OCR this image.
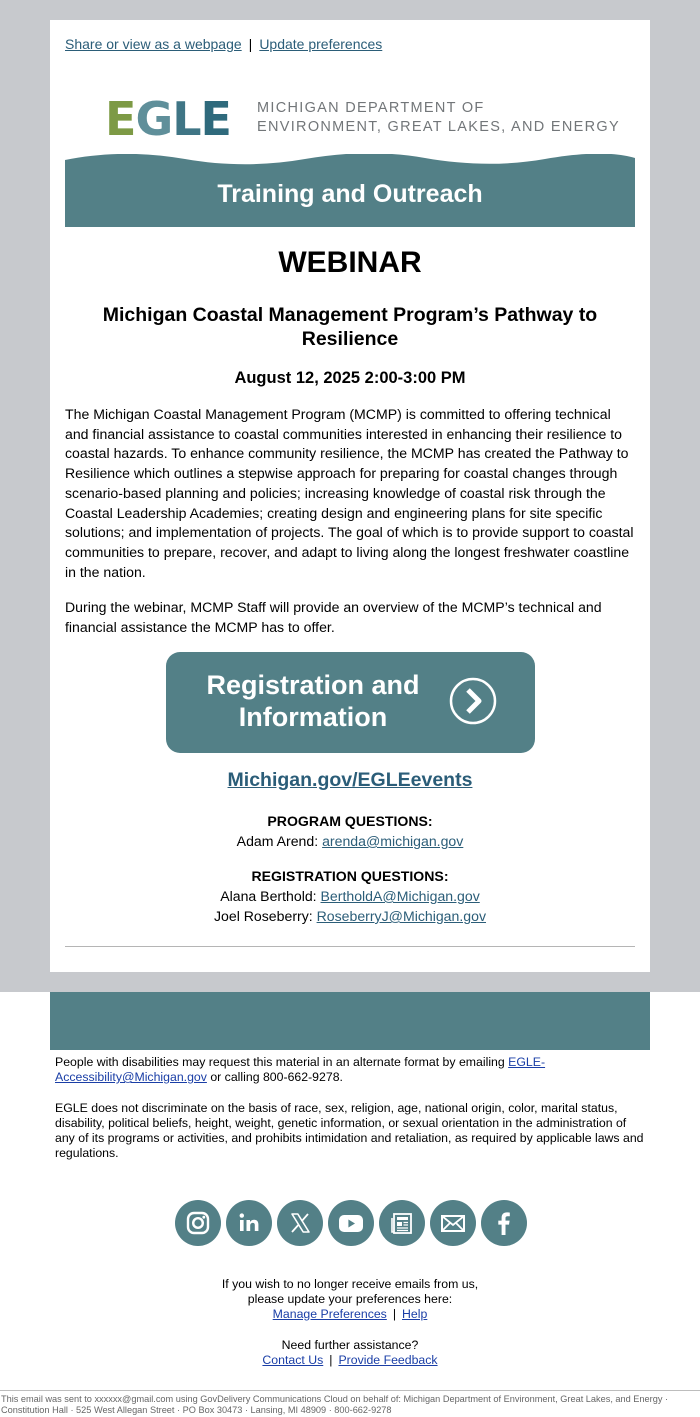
Share or view as a webpage | Update preferences
EGLE MICHIGAN DEPARTMENT OF
ENVIRONMENT, GREAT LAKES, AND ENERGY
Training and Outreach
WEBINAR
Michigan Coastal Management Program’s Pathway to Resilience
August 12, 2025 2:00-3:00 PM

The Michigan Coastal Management Program (MCMP) is committed to offering technical and financial assistance to coastal communities interested in enhancing their resilience to coastal hazards. To enhance community resilience, the MCMP has created the Pathway to Resilience which outlines a stepwise approach for preparing for coastal changes through scenario-based planning and policies; increasing knowledge of coastal risk through the Coastal Leadership Academies; creating design and engineering plans for site specific solutions; and implementation of projects. The goal of which is to provide support to coastal communities to prepare, recover, and adapt to living along the longest freshwater coastline in the nation.

During the webinar, MCMP Staff will provide an overview of the MCMP’s technical and financial assistance the MCMP has to offer.

Registration and
Information
Michigan.gov/EGLEevents
PROGRAM QUESTIONS:
Adam Arend: arenda@michigan.gov
REGISTRATION QUESTIONS:
Alana Berthold: BertholdA@Michigan.gov
Joel Roseberry: RoseberryJ@Michigan.gov

People with disabilities may request this material in an alternate format by emailing EGLE-
Accessibility@Michigan.gov or calling 800-662-9278.

EGLE does not discriminate on the basis of race, sex, religion, age, national origin, color, marital status, disability, political beliefs, height, weight, genetic information, or sexual orientation in the administration of any of its programs or activities, and prohibits intimidation and retaliation, as required by applicable laws and regulations.

If you wish to no longer receive emails from us,
please update your preferences here:
Manage Preferences | Help
Need further assistance?
Contact Us | Provide Feedback
This email was sent to xxxxxx@gmail.com using GovDelivery Communications Cloud on behalf of: Michigan Department of Environment, Great Lakes, and Energy · Constitution Hall · 525 West Allegan Street · PO Box 30473 · Lansing, MI 48909 · 800-662-9278
